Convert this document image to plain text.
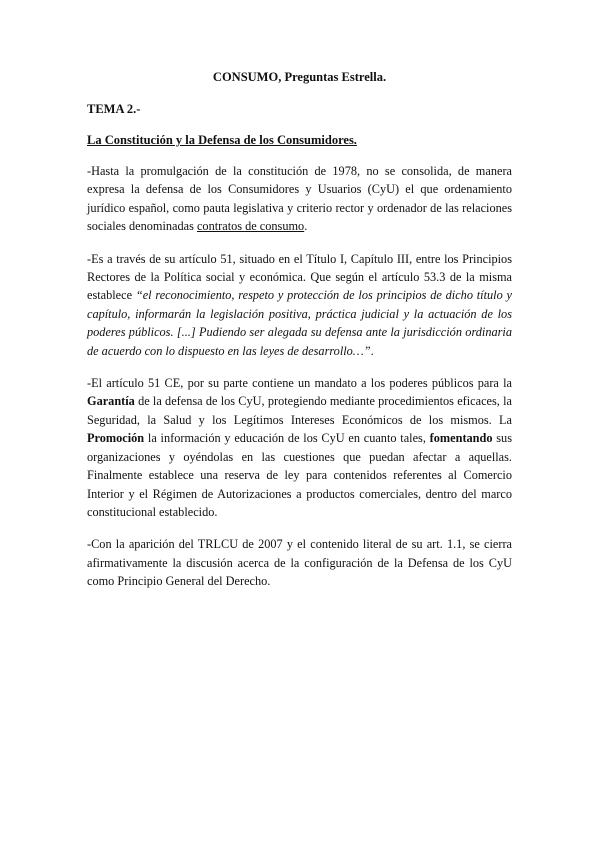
CONSUMO, Preguntas Estrella.
TEMA 2.-
La Constitución y la Defensa de los Consumidores.

-Hasta la promulgación de la constitución de 1978, no se consolida, de manera expresa la defensa de los Consumidores y Usuarios (CyU) el que ordenamiento jurídico español, como pauta legislativa y criterio rector y ordenador de las relaciones sociales denominadas contratos de consumo.

-Es a través de su artículo 51, situado en el Título I, Capítulo III, entre los Principios Rectores de la Política social y económica. Que según el artículo 53.3 de la misma establece “el reconocimiento, respeto y protección de los principios de dicho título y capítulo, informarán la legislación positiva, práctica judicial y la actuación de los poderes públicos. [...] Pudiendo ser alegada su defensa ante la jurisdicción ordinaria de acuerdo con lo dispuesto en las leyes de desarrollo…”.

-El artículo 51 CE, por su parte contiene un mandato a los poderes públicos para la Garantía de la defensa de los CyU, protegiendo mediante procedimientos eficaces, la Seguridad, la Salud y los Legítimos Intereses Económicos de los mismos. La Promoción la información y educación de los CyU en cuanto tales, fomentando sus organizaciones y oyéndolas en las cuestiones que puedan afectar a aquellas. Finalmente establece una reserva de ley para contenidos referentes al Comercio Interior y el Régimen de Autorizaciones a productos comerciales, dentro del marco constitucional establecido.

-Con la aparición del TRLCU de 2007 y el contenido literal de su art. 1.1, se cierra afirmativamente la discusión acerca de la configuración de la Defensa de los CyU como Principio General del Derecho.
